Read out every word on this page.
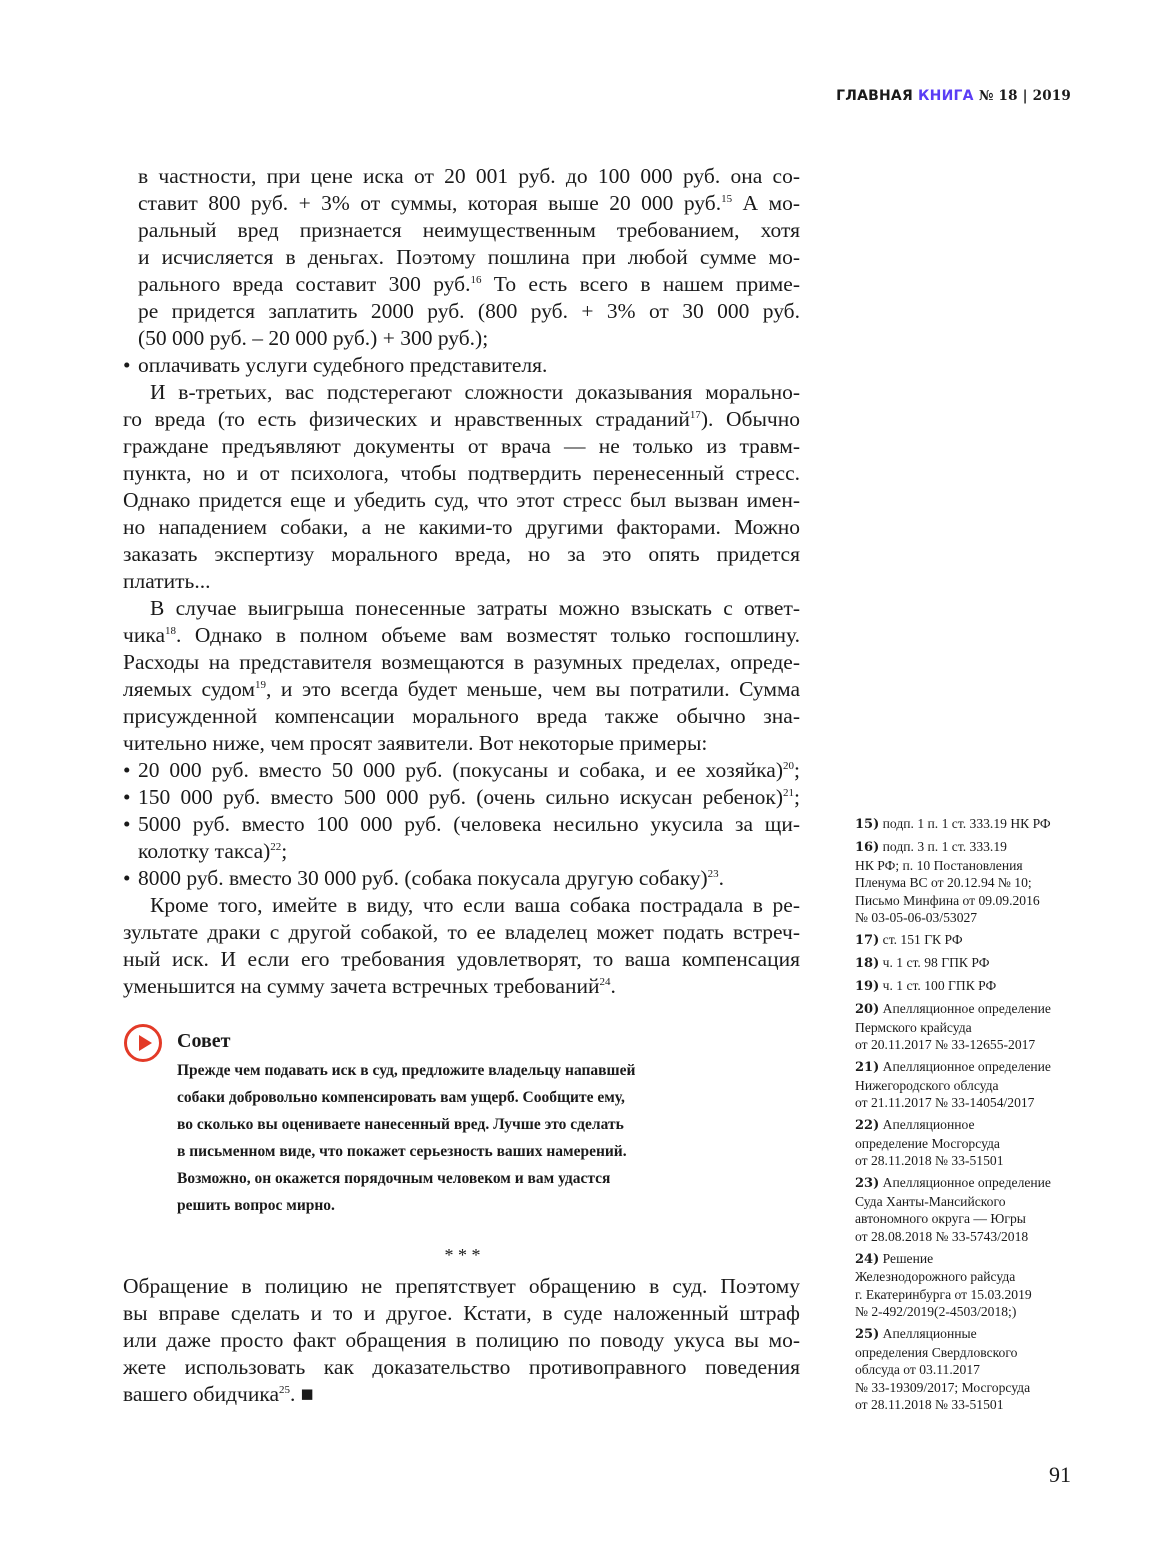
ГЛАВНАЯ КНИГА № 18 | 2019
в частности, при цене иска от 20 001 руб. до 100 000 руб. она со-
ставит 800 руб. + 3% от суммы, которая выше 20 000 руб.$^{15}$ А мо-
ральный вред признается неимущественным требованием, хотя
и исчисляется в деньгах. Поэтому пошлина при любой сумме мо-
рального вреда составит 300 руб.$^{16}$ То есть всего в нашем приме-
ре придется заплатить 2000 руб. (800 руб. + 3% от 30 000 руб.
(50 000 руб. – 20 000 руб.) + 300 руб.);
• оплачивать услуги судебного представителя.
И в-третьих, вас подстерегают сложности доказывания морально-
го вреда (то есть физических и нравственных страданий$^{17}$). Обычно
граждане предъявляют документы от врача — не только из травм-
пункта, но и от психолога, чтобы подтвердить перенесенный стресс.
Однако придется еще и убедить суд, что этот стресс был вызван имен-
но нападением собаки, а не какими-то другими факторами. Можно
заказать экспертизу морального вреда, но за это опять придется
платить...
В случае выигрыша понесенные затраты можно взыскать с ответ-
чика$^{18}$. Однако в полном объеме вам возместят только госпошлину.
Расходы на представителя возмещаются в разумных пределах, опреде-
ляемых судом$^{19}$, и это всегда будет меньше, чем вы потратили. Сумма
присужденной компенсации морального вреда также обычно зна-
чительно ниже, чем просят заявители. Вот некоторые примеры:
• 20 000 руб. вместо 50 000 руб. (покусаны и собака, и ее хозяйка)$^{20}$;
• 150 000 руб. вместо 500 000 руб. (очень сильно искусан ребенок)$^{21}$;
• 5000 руб. вместо 100 000 руб. (человека несильно укусила за щи-
колотку такса)$^{22}$;
• 8000 руб. вместо 30 000 руб. (собака покусала другую собаку)$^{23}$.
Кроме того, имейте в виду, что если ваша собака пострадала в ре-
зультате драки с другой собакой, то ее владелец может подать встреч-
ный иск. И если его требования удовлетворят, то ваша компенсация
уменьшится на сумму зачета встречных требований$^{24}$.
Совет
Прежде чем подавать иск в суд, предложите владельцу напавшей
собаки добровольно компенсировать вам ущерб. Сообщите ему,
во сколько вы оцениваете нанесенный вред. Лучше это сделать
в письменном виде, что покажет серьезность ваших намерений.
Возможно, он окажется порядочным человеком и вам удастся
решить вопрос мирно.
* * *
Обращение в полицию не препятствует обращению в суд. Поэтому
вы вправе сделать и то и другое. Кстати, в суде наложенный штраф
или даже просто факт обращения в полицию по поводу укуса вы мо-
жете использовать как доказательство противоправного поведения
вашего обидчика$^{25}$. ■
15) подп. 1 п. 1 ст. 333.19 НК РФ
16) подп. 3 п. 1 ст. 333.19
НК РФ; п. 10 Постановления
Пленума ВС от 20.12.94 № 10;
Письмо Минфина от 09.09.2016
№ 03-05-06-03/53027
17) ст. 151 ГК РФ
18) ч. 1 ст. 98 ГПК РФ
19) ч. 1 ст. 100 ГПК РФ
20) Апелляционное определение
Пермского крайсуда
от 20.11.2017 № 33-12655-2017
21) Апелляционное определение
Нижегородского облсуда
от 21.11.2017 № 33-14054/2017
22) Апелляционное
определение Мосгорсуда
от 28.11.2018 № 33-51501
23) Апелляционное определение
Суда Ханты-Мансийского
автономного округа — Югры
от 28.08.2018 № 33-5743/2018
24) Решение
Железнодорожного райсуда
г. Екатеринбурга от 15.03.2019
№ 2-492/2019(2-4503/2018;)
25) Апелляционные
определения Свердловского
облсуда от 03.11.2017
№ 33-19309/2017; Мосгорсуда
от 28.11.2018 № 33-51501
91
